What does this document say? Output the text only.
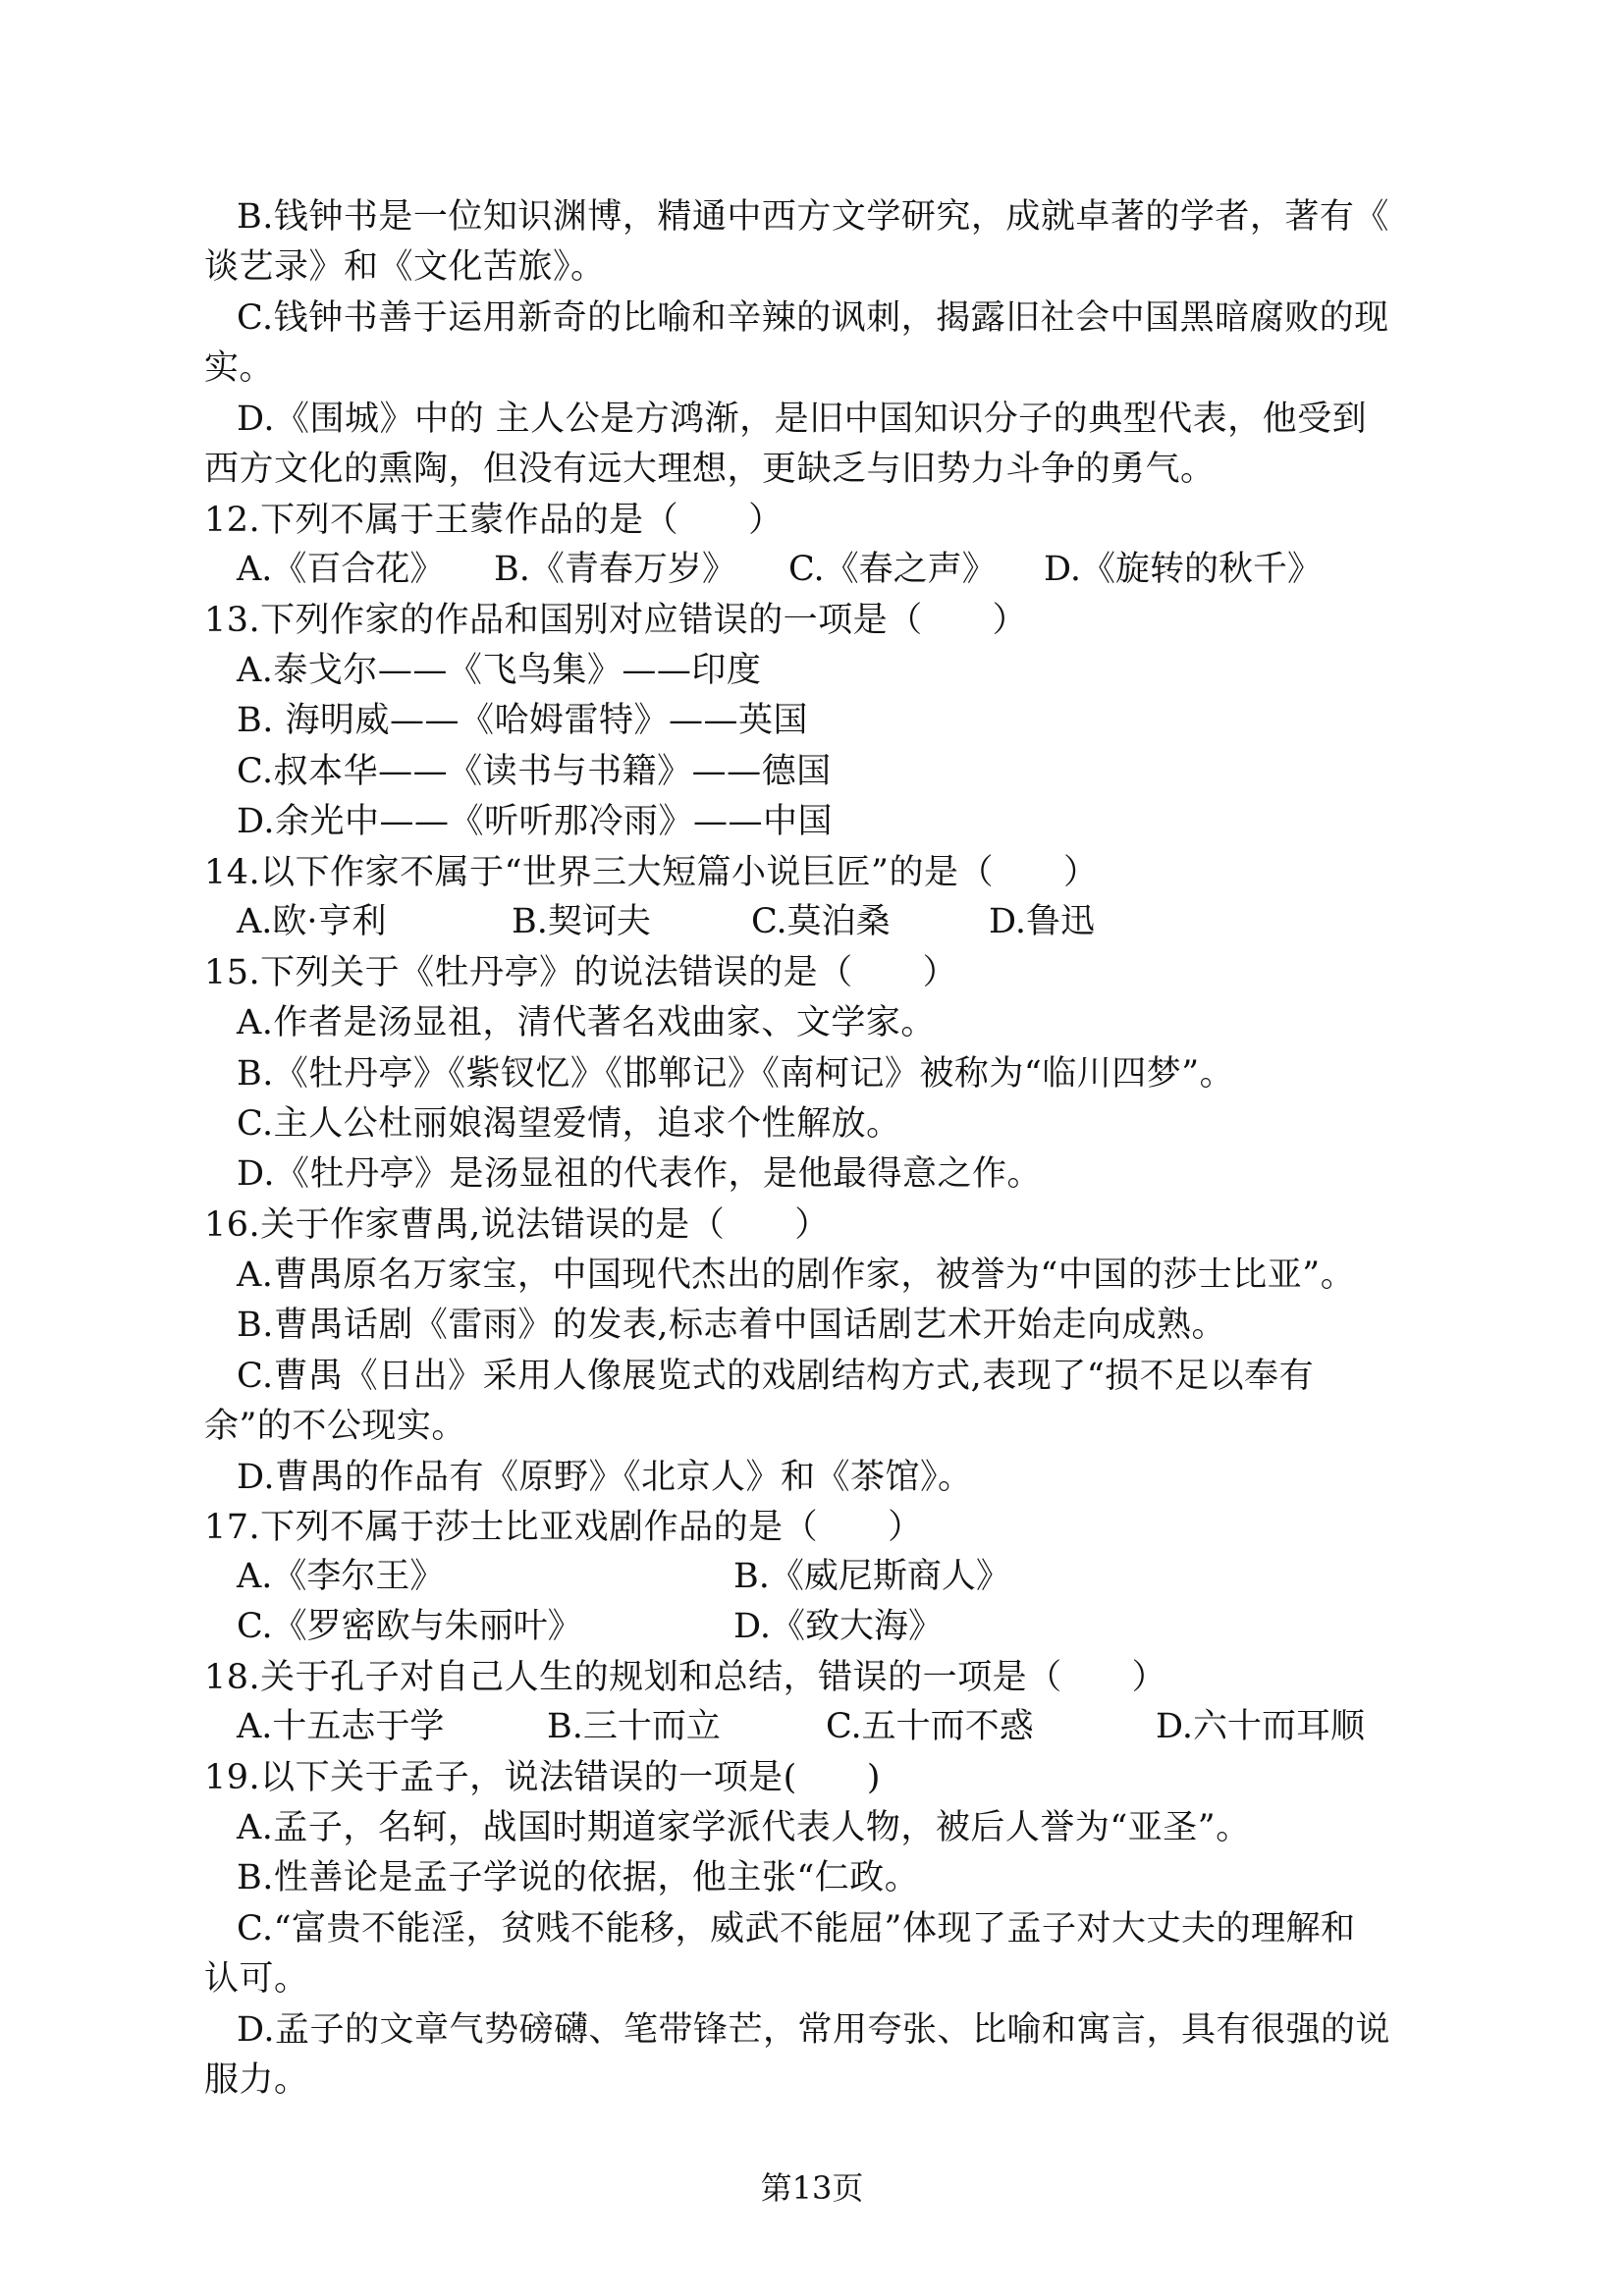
B.钱钟书是一位知识渊博，精通中西方文学研究，成就卓著的学者，著有《
谈艺录》和《文化苦旅》。
C.钱钟书善于运用新奇的比喻和辛辣的讽刺，揭露旧社会中国黑暗腐败的现
实。
D.《围城》中的 主人公是方鸿渐，是旧中国知识分子的典型代表，他受到
西方文化的熏陶，但没有远大理想，更缺乏与旧势力斗争的勇气。
12.下列不属于王蒙作品的是（　　）
A.《百合花》 B.《青春万岁》 C.《春之声》 D.《旋转的秋千》
13.下列作家的作品和国别对应错误的一项是（　　）
A.泰戈尔——《飞鸟集》——印度
B. 海明威——《哈姆雷特》——英国
C.叔本华——《读书与书籍》——德国
D.余光中——《听听那冷雨》——中国
14.以下作家不属于“世界三大短篇小说巨匠”的是（　　）
A.欧·亨利	B.契诃夫	C.莫泊桑	D.鲁迅
15.下列关于《牡丹亭》的说法错误的是（　　）
A.作者是汤显祖，清代著名戏曲家、文学家。
B.《牡丹亭》《紫钗忆》《邯郸记》《南柯记》被称为“临川四梦”。
C.主人公杜丽娘渴望爱情，追求个性解放。
D.《牡丹亭》是汤显祖的代表作，是他最得意之作。
16.关于作家曹禺,说法错误的是（　　）
A.曹禺原名万家宝，中国现代杰出的剧作家，被誉为“中国的莎士比亚”。
B.曹禺话剧《雷雨》的发表,标志着中国话剧艺术开始走向成熟。
C.曹禺《日出》采用人像展览式的戏剧结构方式,表现了“损不足以奉有
余”的不公现实。
D.曹禺的作品有《原野》《北京人》和《茶馆》。
17.下列不属于莎士比亚戏剧作品的是（　　）
A.《李尔王》	B.《威尼斯商人》
C.《罗密欧与朱丽叶》	D.《致大海》
18.关于孔子对自己人生的规划和总结，错误的一项是（　　）
A.十五志于学	B.三十而立	C.五十而不惑	D.六十而耳顺
19.以下关于孟子，说法错误的一项是(　　)
A.孟子，名轲，战国时期道家学派代表人物，被后人誉为“亚圣”。
B.性善论是孟子学说的依据，他主张“仁政。
C.“富贵不能淫，贫贱不能移，威武不能屈”体现了孟子对大丈夫的理解和
认可。
D.孟子的文章气势磅礴、笔带锋芒，常用夸张、比喻和寓言，具有很强的说
服力。
第13页
